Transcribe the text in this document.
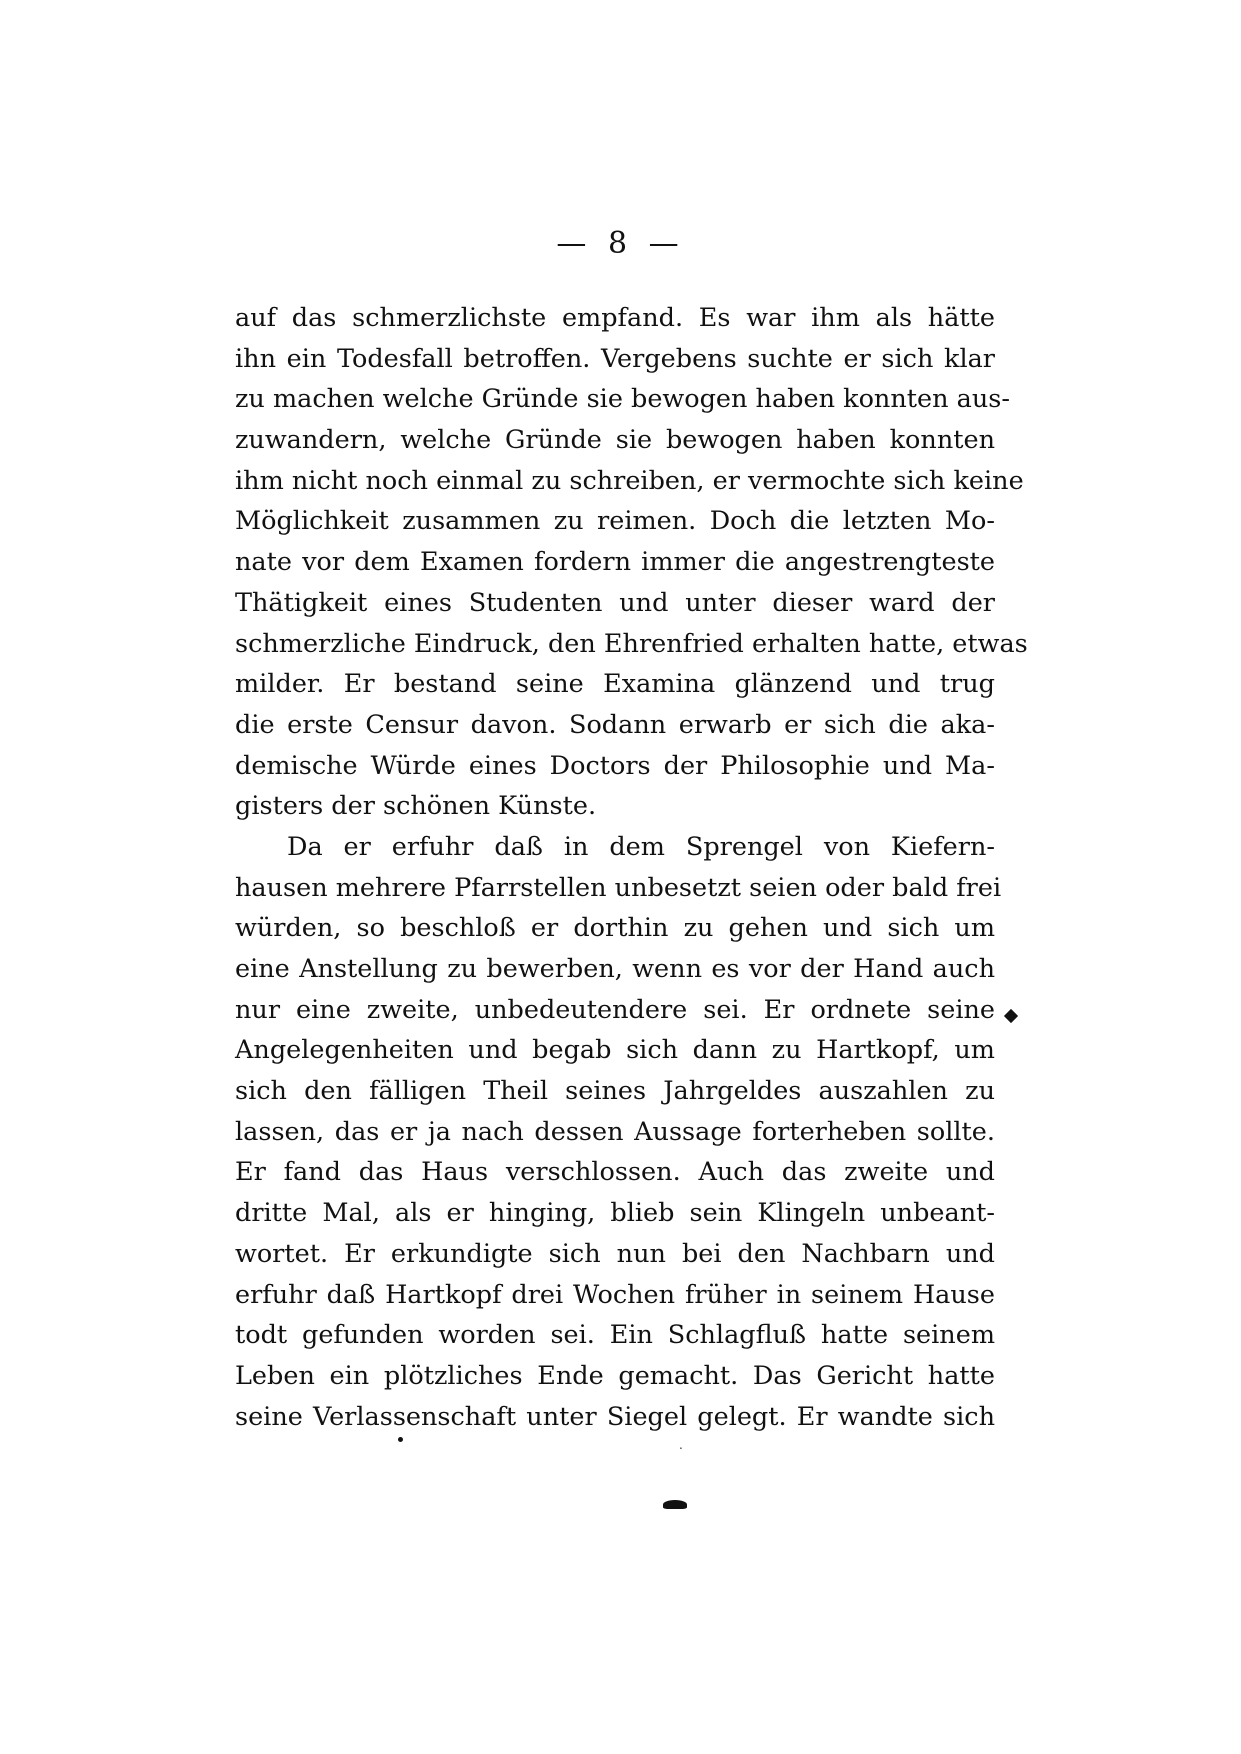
— 8 —
auf das schmerzlichste empfand. Es war ihm als hätte
ihn ein Todesfall betroffen. Vergebens suchte er sich klar
zu machen welche Gründe sie bewogen haben konnten aus-
zuwandern, welche Gründe sie bewogen haben konnten
ihm nicht noch einmal zu schreiben, er vermochte sich keine
Möglichkeit zusammen zu reimen. Doch die letzten Mo-
nate vor dem Examen fordern immer die angestrengteste
Thätigkeit eines Studenten und unter dieser ward der
schmerzliche Eindruck, den Ehrenfried erhalten hatte, etwas
milder. Er bestand seine Examina glänzend und trug
die erste Censur davon. Sodann erwarb er sich die aka-
demische Würde eines Doctors der Philosophie und Ma-
gisters der schönen Künste.
Da er erfuhr daß in dem Sprengel von Kiefern-
hausen mehrere Pfarrstellen unbesetzt seien oder bald frei
würden, so beschloß er dorthin zu gehen und sich um
eine Anstellung zu bewerben, wenn es vor der Hand auch
nur eine zweite, unbedeutendere sei. Er ordnete seine
Angelegenheiten und begab sich dann zu Hartkopf, um
sich den fälligen Theil seines Jahrgeldes auszahlen zu
lassen, das er ja nach dessen Aussage forterheben sollte.
Er fand das Haus verschlossen. Auch das zweite und
dritte Mal, als er hinging, blieb sein Klingeln unbeant-
wortet. Er erkundigte sich nun bei den Nachbarn und
erfuhr daß Hartkopf drei Wochen früher in seinem Hause
todt gefunden worden sei. Ein Schlagfluß hatte seinem
Leben ein plötzliches Ende gemacht. Das Gericht hatte
seine Verlassenschaft unter Siegel gelegt. Er wandte sich
.
